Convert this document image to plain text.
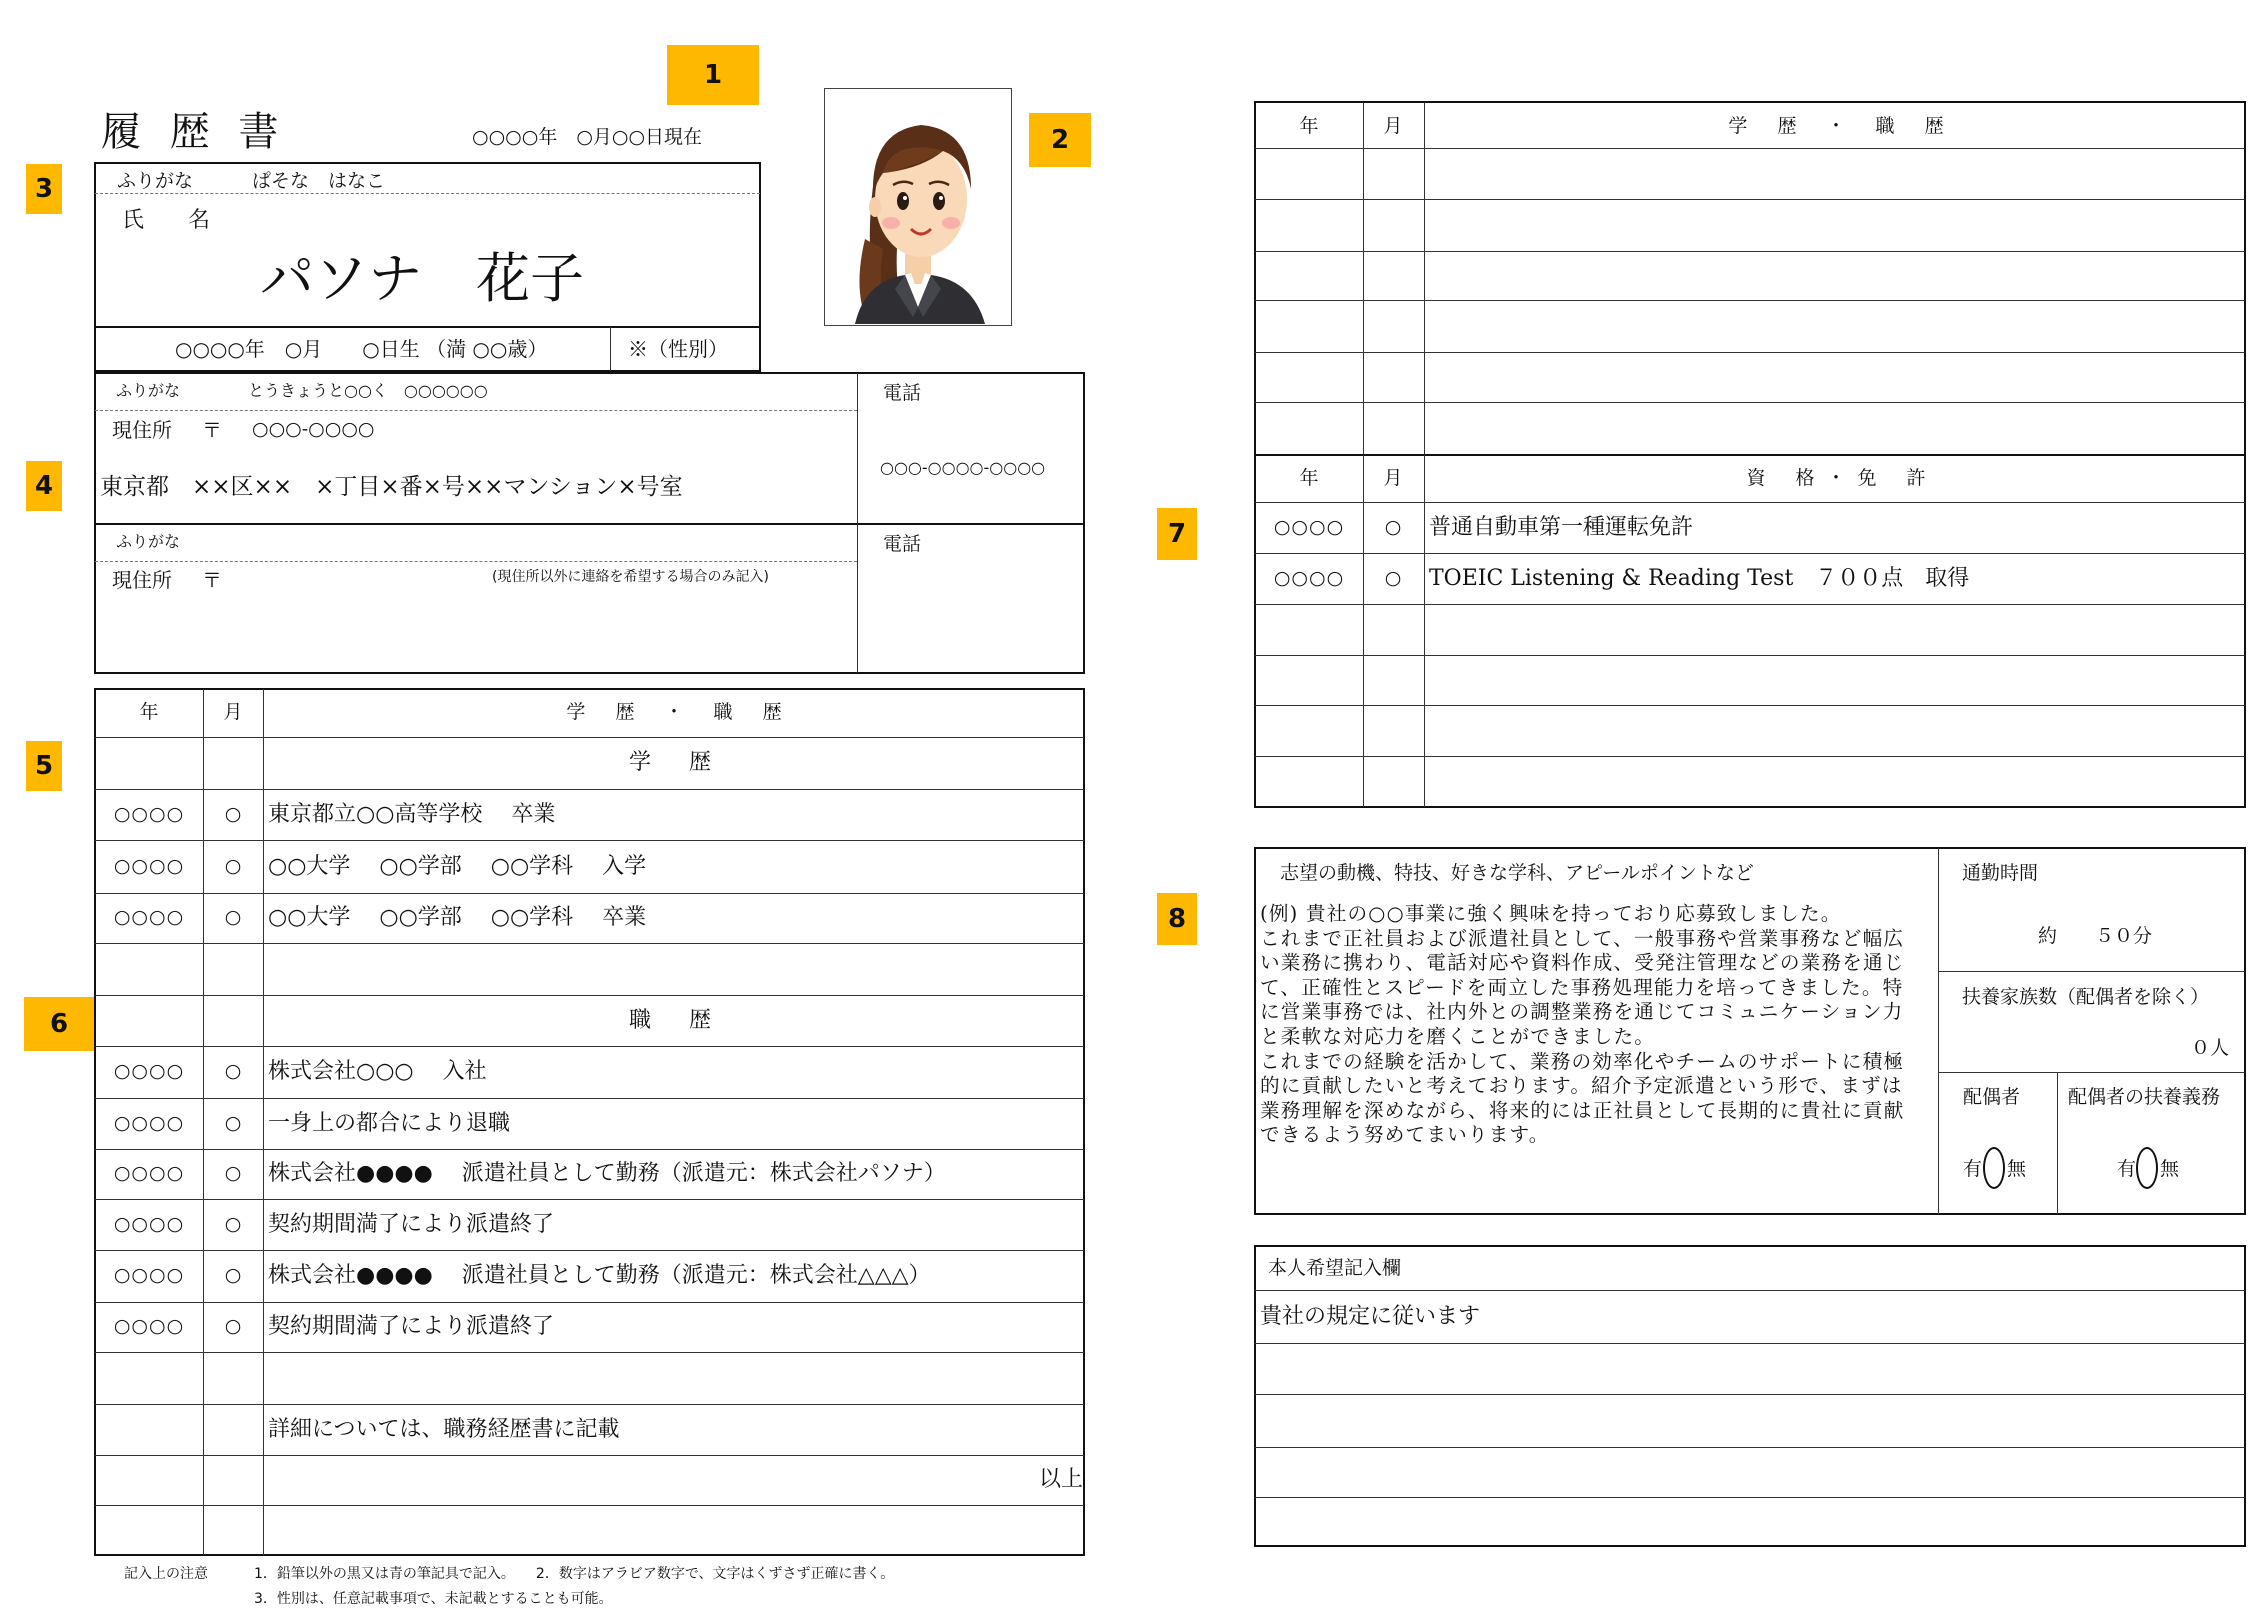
1
2
3
4
5
6
7
8
履 歴 書	○○○○年　○月○○日現在
ふりがな	ぱそな　はなこ
氏　　名
パソナ　花子
○○○○年　○月　　○日生 （満 ○○歳）	※（性別）
ふりがな	とうきょうと○○く　○○○○○○
現住所 〒 ○○○-○○○○
東京都　××区××　×丁目×番×号××マンション×号室
電話
○○○-○○○○-○○○○
ふりがな
現住所 〒	(現住所以外に連絡を希望する場合のみ記入)
電話
年	月	学 歴 ・ 職 歴
学　歴
○○○○ ○ 東京都立○○高等学校　 卒業
○○○○ ○ ○○大学　 ○○学部　 ○○学科　 入学
○○○○ ○ ○○大学　 ○○学部　 ○○学科　 卒業
職　歴
○○○○ ○ 株式会社○○○　 入社
○○○○ ○ 一身上の都合により退職
○○○○ ○ 株式会社●●●●　 派遣社員として勤務（派遣元：株式会社パソナ）
○○○○ ○ 契約期間満了により派遣終了
○○○○ ○ 株式会社●●●●　 派遣社員として勤務（派遣元：株式会社△△△）
○○○○ ○ 契約期間満了により派遣終了
詳細については、職務経歴書に記載
以上
記入上の注意	1．鉛筆以外の黒又は青の筆記具で記入。　　2．数字はアラビア数字で、文字はくずさず正確に書く。
3．性別は、任意記載事項で、未記載とすることも可能。
年	月	学 歴 ・ 職 歴
年	月	資 格・免 許
○○○○ ○ 普通自動車第一種運転免許
○○○○ ○ TOEIC Listening & Reading Test　７００点　取得
志望の動機、特技、好きな学科、アピールポイントなど
(例) 貴社の○○事業に強く興味を持っており応募致しました。
これまで正社員および派遣社員として、一般事務や営業事務など幅広い業務に携わり、電話対応や資料作成、受発注管理などの業務を通じて、正確性とスピードを両立した事務処理能力を培ってきました。特に営業事務では、社内外との調整業務を通じてコミュニケーション力と柔軟な対応力を磨くことができました。
これまでの経験を活かして、業務の効率化やチームのサポートに積極的に貢献したいと考えております。紹介予定派遣という形で、まずは業務理解を深めながら、将来的には正社員として長期的に貴社に貢献できるよう努めてまいります。
通勤時間
約　　５０分
扶養家族数（配偶者を除く）
０人
配偶者	配偶者の扶養義務
有 無	有 無
本人希望記入欄
貴社の規定に従います
